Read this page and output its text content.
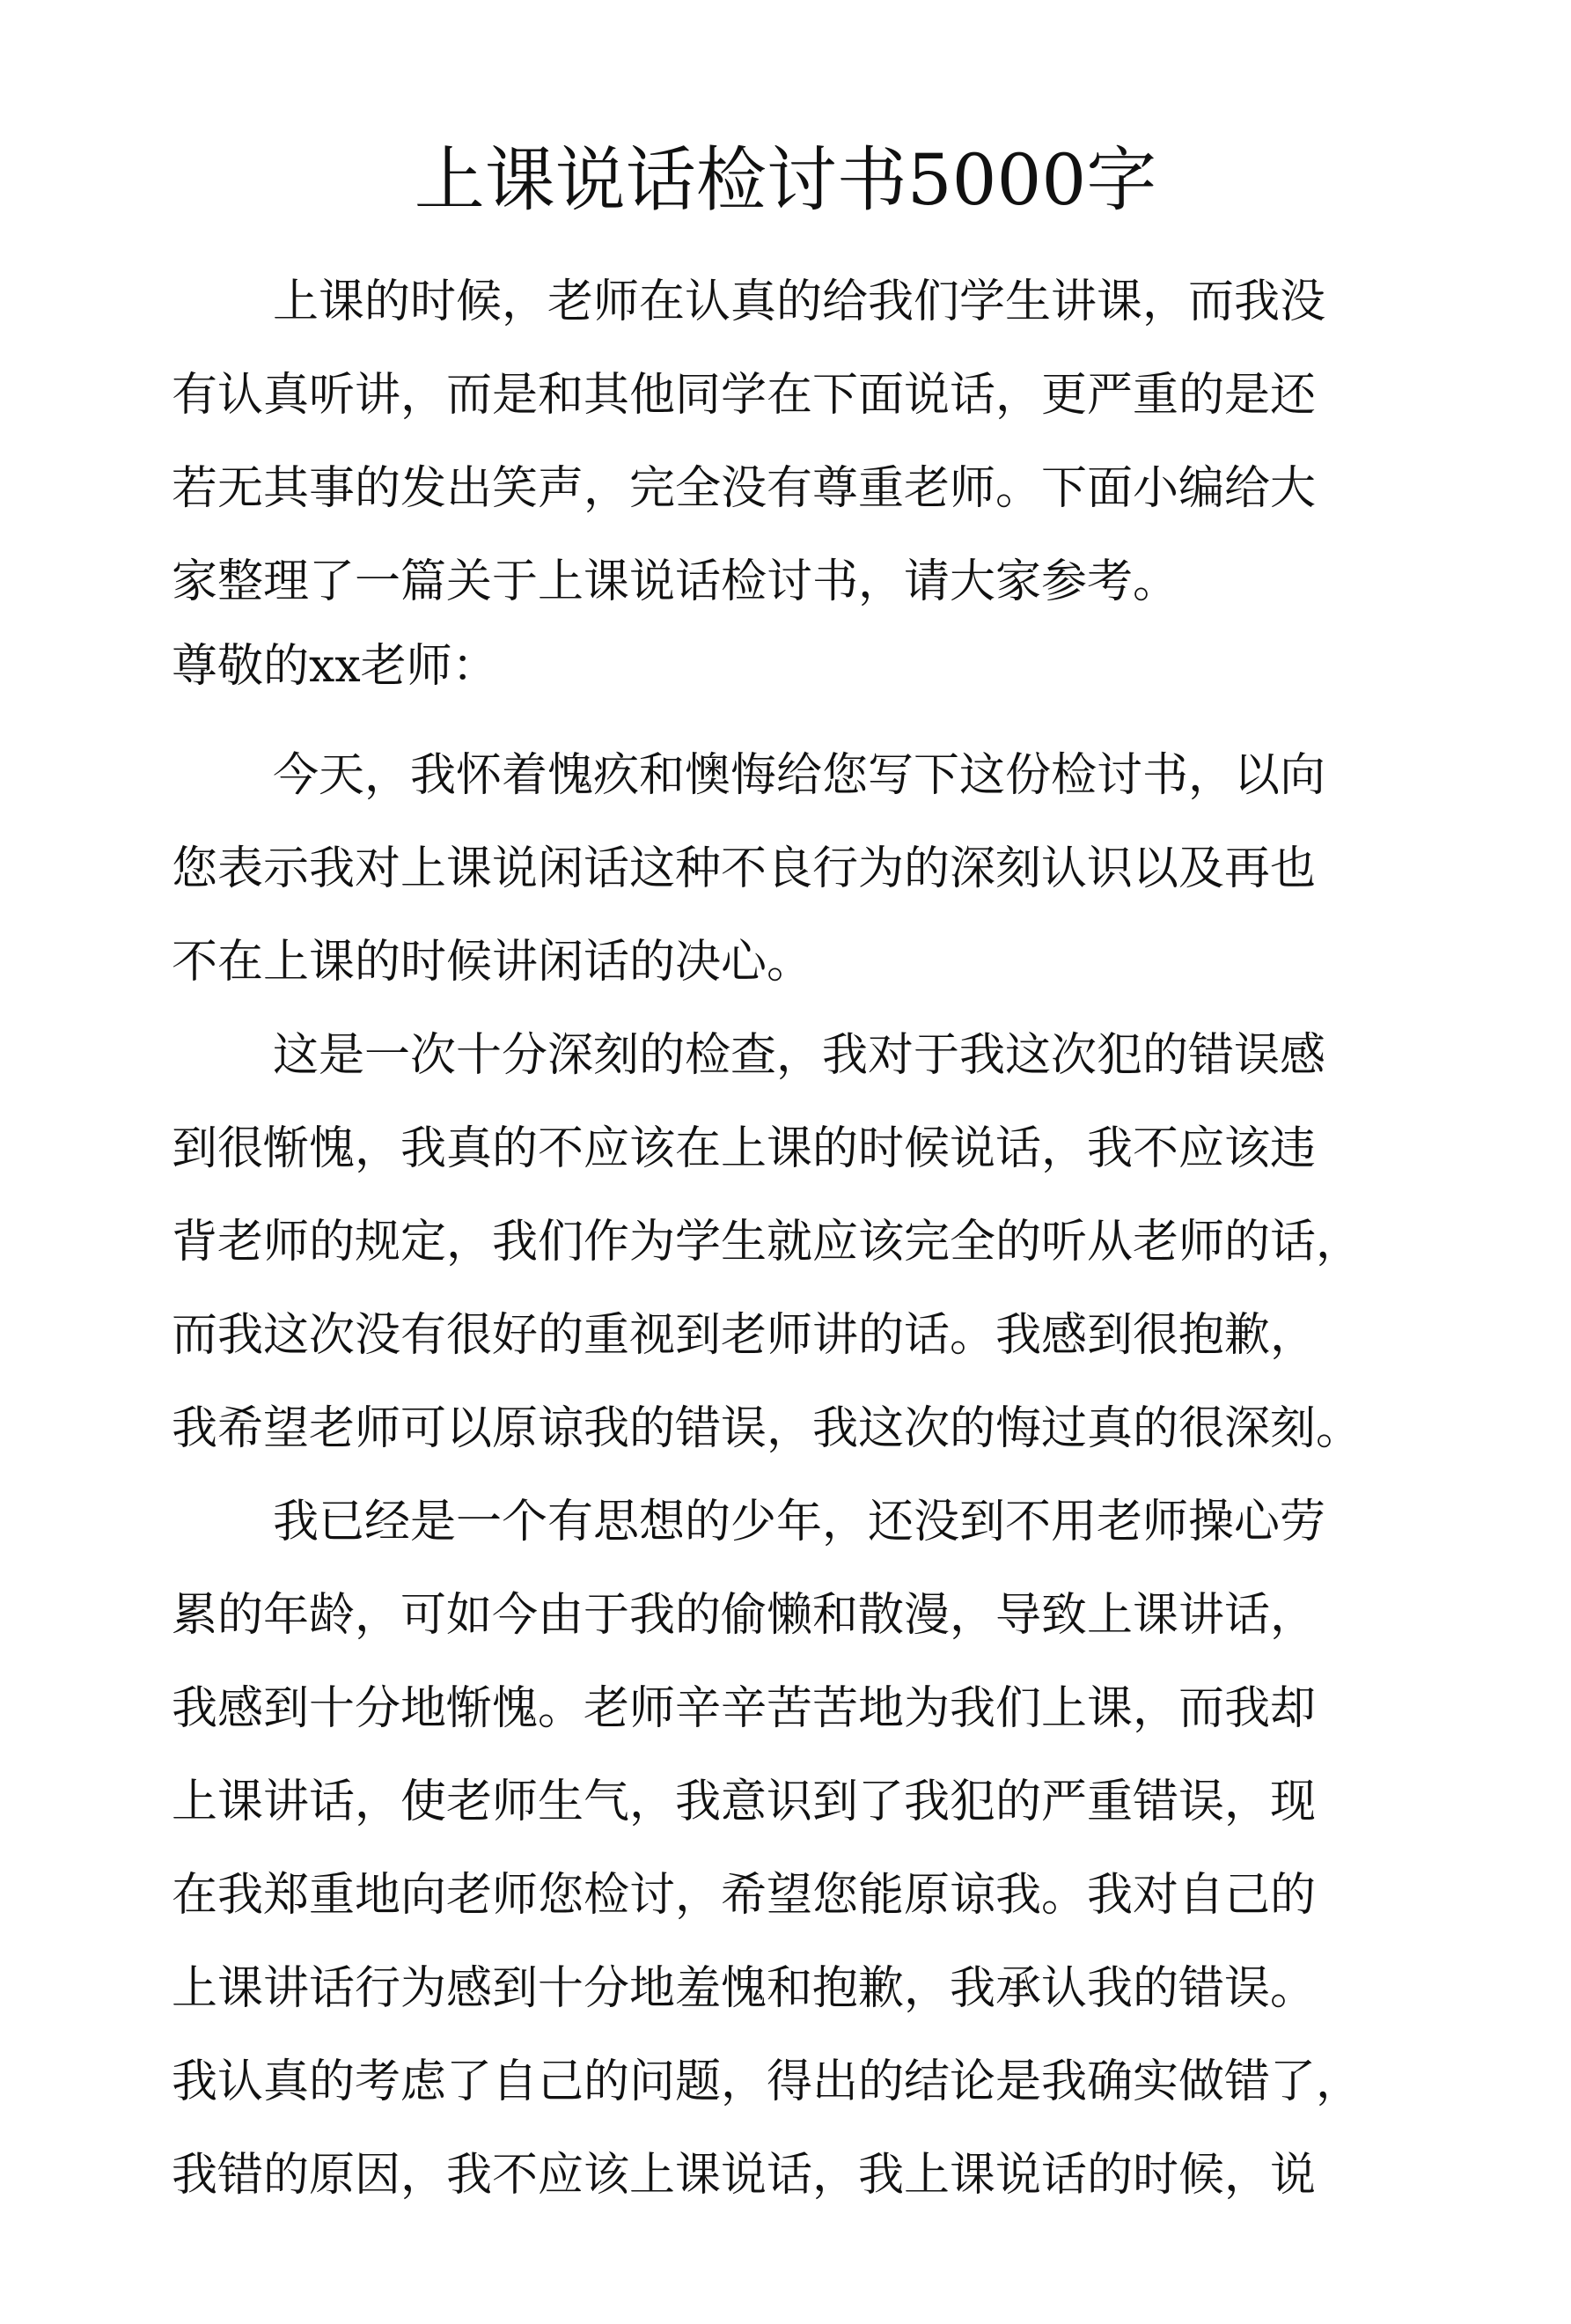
上课说话检讨书5000字
上课的时候，老师在认真的给我们学生讲课，而我没
有认真听讲，而是和其他同学在下面说话，更严重的是还
若无其事的发出笑声，完全没有尊重老师。下面小编给大
家整理了一篇关于上课说话检讨书，请大家参考。
尊敬的xx老师：
今天，我怀着愧疚和懊悔给您写下这份检讨书，以向
您表示我对上课说闲话这种不良行为的深刻认识以及再也
不在上课的时候讲闲话的决心。
这是一次十分深刻的检查，我对于我这次犯的错误感
到很惭愧，我真的不应该在上课的时候说话，我不应该违
背老师的规定，我们作为学生就应该完全的听从老师的话，
而我这次没有很好的重视到老师讲的话。我感到很抱歉，
我希望老师可以原谅我的错误，我这次的悔过真的很深刻。
我已经是一个有思想的少年，还没到不用老师操心劳
累的年龄，可如今由于我的偷懒和散漫，导致上课讲话，
我感到十分地惭愧。老师辛辛苦苦地为我们上课，而我却
上课讲话，使老师生气，我意识到了我犯的严重错误，现
在我郑重地向老师您检讨，希望您能原谅我。我对自己的
上课讲话行为感到十分地羞愧和抱歉，我承认我的错误。
我认真的考虑了自己的问题，得出的结论是我确实做错了，
我错的原因，我不应该上课说话，我上课说话的时候，说
